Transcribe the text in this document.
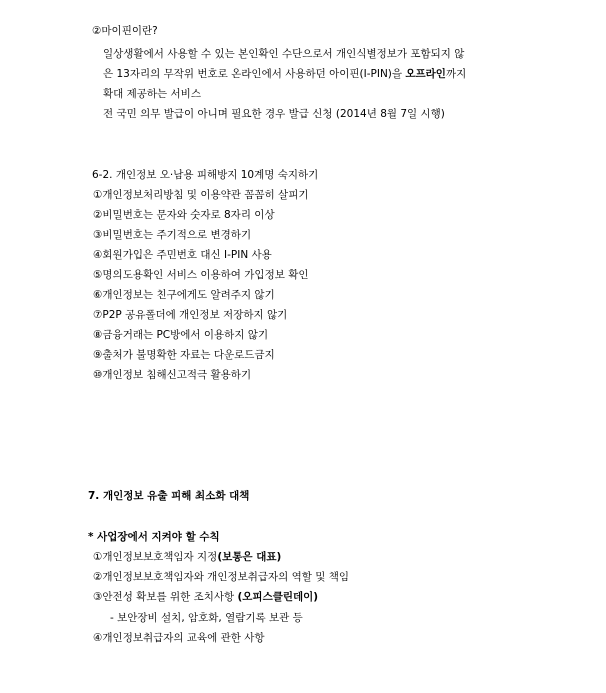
②마이핀이란?
일상생활에서 사용할 수 있는 본인확인 수단으로서 개인식별정보가 포함되지 않
은 13자리의 무작위 번호로 온라인에서 사용하던 아이핀(I-PIN)을 오프라인까지
확대 제공하는 서비스
전 국민 의무 발급이 아니며 필요한 경우 발급 신청 (2014년 8월 7일 시행)
6-2. 개인정보 오·남용 피해방지 10계명 숙지하기
①개인정보처리방침 및 이용약관 꼼꼼히 살피기
②비밀번호는 문자와 숫자로 8자리 이상
③비밀번호는 주기적으로 변경하기
④회원가입은 주민번호 대신 I-PIN 사용
⑤명의도용확인 서비스 이용하여 가입정보 확인
⑥개인정보는 친구에게도 알려주지 않기
⑦P2P 공유폴더에 개인정보 저장하지 않기
⑧금융거래는 PC방에서 이용하지 않기
⑨출처가 불명확한 자료는 다운로드금지
⑩개인정보 침해신고적극 활용하기
7. 개인정보 유출 피해 최소화 대책
* 사업장에서 지켜야 할 수칙
①개인정보보호책임자 지정(보통은 대표)
②개인정보보호책임자와 개인정보취급자의 역할 및 책임
③안전성 확보를 위한 조치사항 (오피스클린데이)
- 보안장비 설치, 암호화, 열람기록 보관 등
④개인정보취급자의 교육에 관한 사항
